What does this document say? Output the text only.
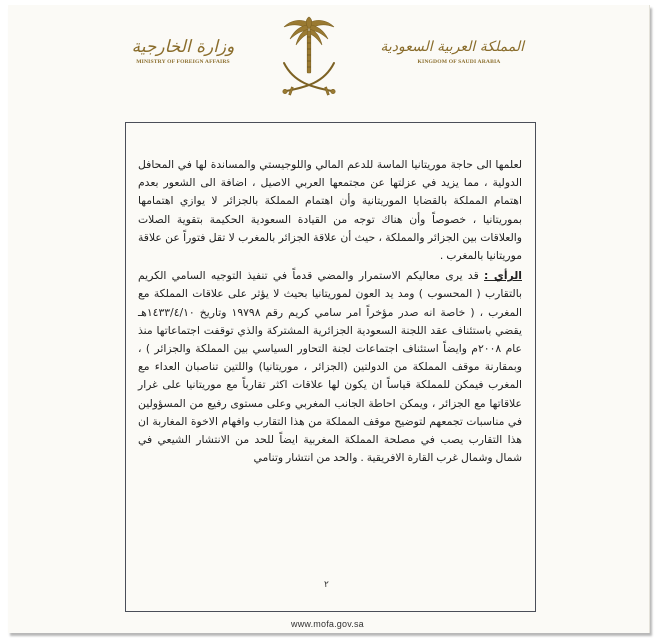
وزارة الخارجية
MINISTRY OF FOREIGN AFFAIRS
المملكة العربية السعودية
KINGDOM OF SAUDI ARABIA

لعلمها الى حاجة موريتانيا الماسة للدعم المالي واللوجيستي والمساندة لها في المحافل الدولية ، مما يزيد في عزلتها عن مجتمعها العربي الاصيل ، اضافة الى الشعور بعدم اهتمام المملكة بالقضايا الموريتانية وأن اهتمام المملكة بالجزائر لا يوازي اهتمامها بموريتانيا ، خصوصاً وأن هناك توجه من القيادة السعودية الحكيمة بتقوية الصلات والعلاقات بين الجزائر والمملكة ، حيث أن علاقة الجزائر بالمغرب لا تقل فتوراً عن علاقة موريتانيا بالمغرب .

الرأي : قد يرى معاليكم الاستمرار والمضي قدماً في تنفيذ التوجيه السامي الكريم بالتقارب ( المحسوب ) ومد يد العون لموريتانيا بحيث لا يؤثر على علاقات المملكة مع المغرب ، ( خاصة انه صدر مؤخراً امر سامي كريم رقم ١٩٧٩٨ وتاريخ ١٤٣٣/٤/١٠هـ يقضي باستئناف عقد اللجنة السعودية الجزائرية المشتركة والذي توقفت اجتماعاتها منذ عام ٢٠٠٨م وايضاً استئناف اجتماعات لجنة التحاور السياسي بين المملكة والجزائر ) ، وبمقارنة موقف المملكة من الدولتين (الجزائر ، موريتانيا) واللتين تناصبان العداء مع المغرب فيمكن للمملكة قياساً ان يكون لها علاقات اكثر تقارباً مع موريتانيا على غرار علاقاتها مع الجزائر ، ويمكن احاطة الجانب المغربي وعلى مستوى رفيع من المسؤولين في مناسبات تجمعهم لتوضيح موقف المملكة من هذا التقارب وافهام الاخوة المغاربة ان هذا التقارب يصب في مصلحة المملكة المغربية ايضاً للحد من الانتشار الشيعي في شمال وشمال غرب القارة الافريقية . والحد من انتشار وتنامي

٢
www.mofa.gov.sa
